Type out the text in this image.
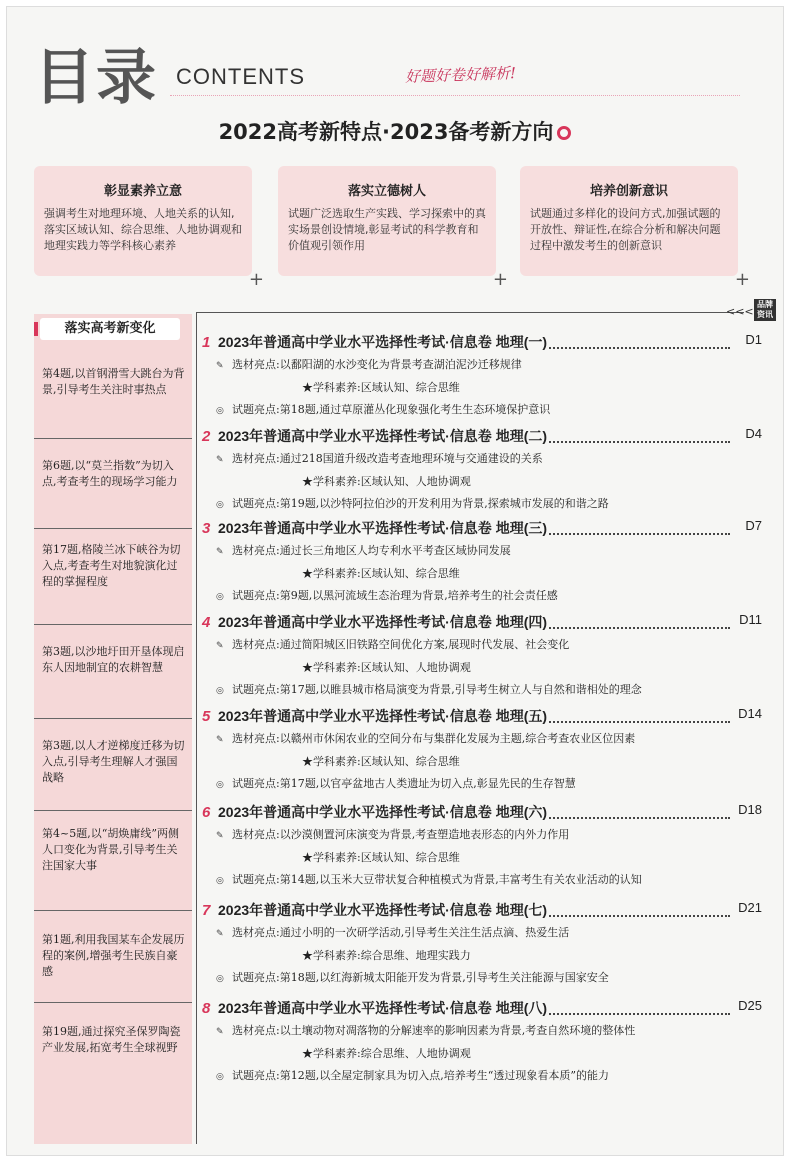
目录 CONTENTS	好题好卷好解析!
2022高考新特点·2023备考新方向
彰显素养立意
强调考生对地理环境、人地关系的认知,落实区域认知、综合思维、人地协调观和地理实践力等学科核心素养
+
落实立德树人
试题广泛选取生产实践、学习探索中的真实场景创设情境,彰显考试的科学教育和价值观引领作用
+
培养创新意识
试题通过多样化的设问方式,加强试题的开放性、辩证性,在综合分析和解决问题过程中激发考生的创新意识
+
落实高考新变化
第4题,以首钢滑雪大跳台为背景,引导考生关注时事热点
第6题,以“莫兰指数”为切入点,考查考生的现场学习能力
第17题,格陵兰冰下峡谷为切入点,考查考生对地貌演化过程的掌握程度
第3题,以沙地圩田开垦体现启东人因地制宜的农耕智慧
第3题,以人才逆梯度迁移为切入点,引导考生理解人才强国战略
第4~5题,以“胡焕庸线”两侧人口变化为背景,引导考生关注国家大事
第1题,利用我国某车企发展历程的案例,增强考生民族自豪感
第19题,通过探究圣保罗陶瓷产业发展,拓宽考生全球视野
<<<
品牌资讯
1 2023年普通高中学业水平选择性考试·信息卷 地理(一)	D1
✎ 选材亮点:以鄱阳湖的水沙变化为背景考查湖泊泥沙迁移规律
★学科素养:区域认知、综合思维
◎ 试题亮点:第18题,通过草原灌丛化现象强化考生生态环境保护意识
2 2023年普通高中学业水平选择性考试·信息卷 地理(二)	D4
✎ 选材亮点:通过218国道升级改造考查地理环境与交通建设的关系
★学科素养:区域认知、人地协调观
◎ 试题亮点:第19题,以沙特阿拉伯沙的开发利用为背景,探索城市发展的和谐之路
3 2023年普通高中学业水平选择性考试·信息卷 地理(三)	D7
✎ 选材亮点:通过长三角地区人均专利水平考查区域协同发展
★学科素养:区域认知、综合思维
◎ 试题亮点:第9题,以黑河流域生态治理为背景,培养考生的社会责任感
4 2023年普通高中学业水平选择性考试·信息卷 地理(四)	D11
✎ 选材亮点:通过简阳城区旧铁路空间优化方案,展现时代发展、社会变化
★学科素养:区域认知、人地协调观
◎ 试题亮点:第17题,以睢县城市格局演变为背景,引导考生树立人与自然和谐相处的理念
5 2023年普通高中学业水平选择性考试·信息卷 地理(五)	D14
✎ 选材亮点:以赣州市休闲农业的空间分布与集群化发展为主题,综合考查农业区位因素
★学科素养:区域认知、综合思维
◎ 试题亮点:第17题,以官亭盆地古人类遗址为切入点,彰显先民的生存智慧
6 2023年普通高中学业水平选择性考试·信息卷 地理(六)	D18
✎ 选材亮点:以沙漠侧置河床演变为背景,考查塑造地表形态的内外力作用
★学科素养:区域认知、综合思维
◎ 试题亮点:第14题,以玉米大豆带状复合种植模式为背景,丰富考生有关农业活动的认知
7 2023年普通高中学业水平选择性考试·信息卷 地理(七)	D21
✎ 选材亮点:通过小明的一次研学活动,引导考生关注生活点滴、热爱生活
★学科素养:综合思维、地理实践力
◎ 试题亮点:第18题,以红海新城太阳能开发为背景,引导考生关注能源与国家安全
8 2023年普通高中学业水平选择性考试·信息卷 地理(八)	D25
✎ 选材亮点:以土壤动物对凋落物的分解速率的影响因素为背景,考查自然环境的整体性
★学科素养:综合思维、人地协调观
◎ 试题亮点:第12题,以全屋定制家具为切入点,培养考生“透过现象看本质”的能力
